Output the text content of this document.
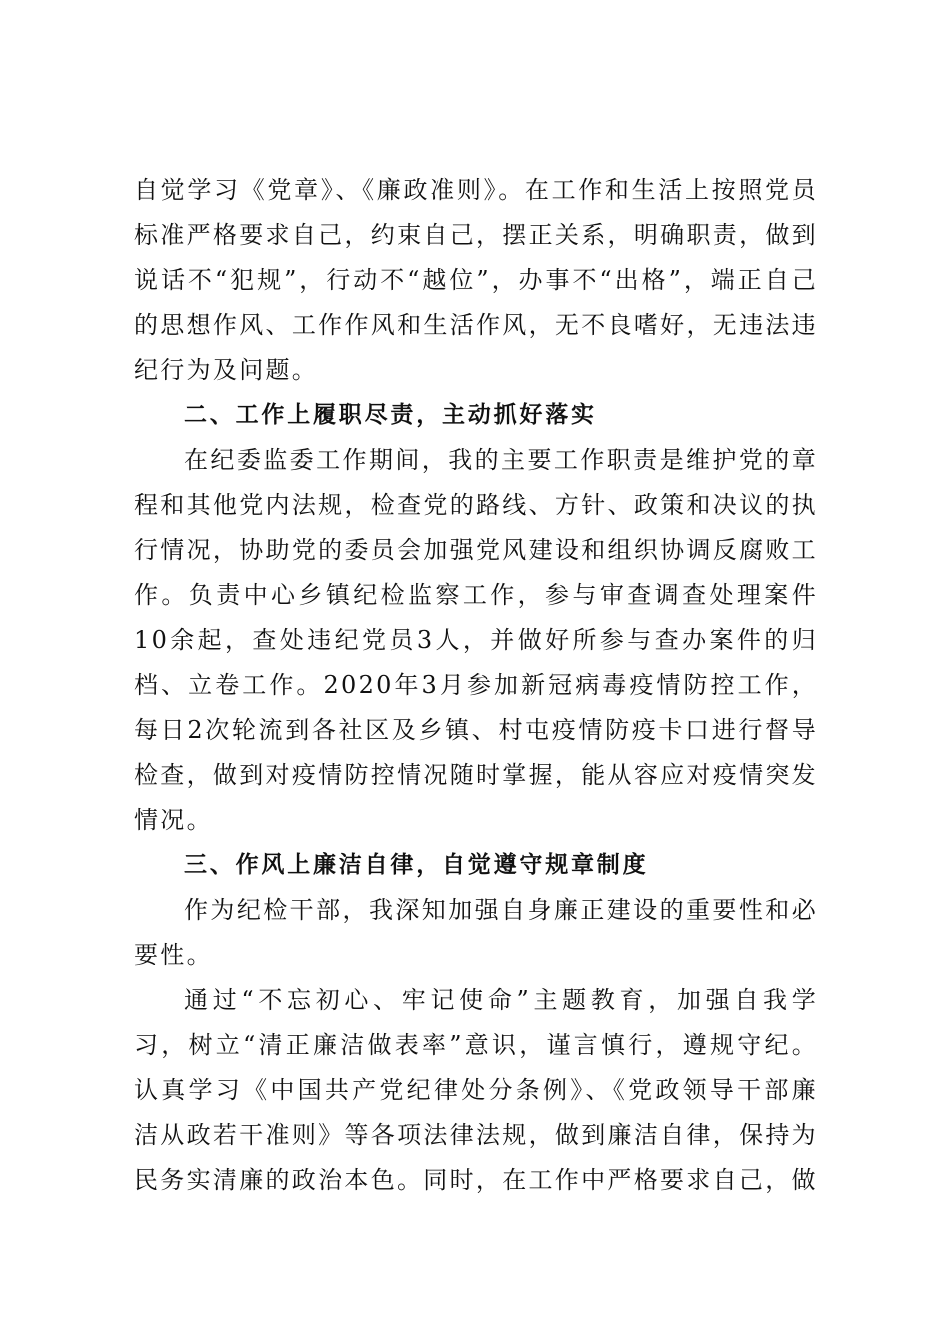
自觉学习《党章》、《廉政准则》。在工作和生活上按照党员标准严格要求自己，约束自己，摆正关系，明确职责，做到说话不“犯规”，行动不“越位”，办事不“出格”，端正自己的思想作风、工作作风和生活作风，无不良嗜好，无违法违纪行为及问题。

二、工作上履职尽责，主动抓好落实

在纪委监委工作期间，我的主要工作职责是维护党的章程和其他党内法规，检查党的路线、方针、政策和决议的执行情况，协助党的委员会加强党风建设和组织协调反腐败工作。负责中心乡镇纪检监察工作，参与审查调查处理案件10余起，查处违纪党员3人，并做好所参与查办案件的归档、立卷工作。2020年3月参加新冠病毒疫情防控工作，每日2次轮流到各社区及乡镇、村屯疫情防疫卡口进行督导检查，做到对疫情防控情况随时掌握，能从容应对疫情突发情况。

三、作风上廉洁自律，自觉遵守规章制度

作为纪检干部，我深知加强自身廉正建设的重要性和必要性。

通过“不忘初心、牢记使命”主题教育，加强自我学习，树立“清正廉洁做表率”意识，谨言慎行，遵规守纪。认真学习《中国共产党纪律处分条例》、《党政领导干部廉洁从政若干准则》等各项法律法规，做到廉洁自律，保持为民务实清廉的政治本色。同时，在工作中严格要求自己，做
